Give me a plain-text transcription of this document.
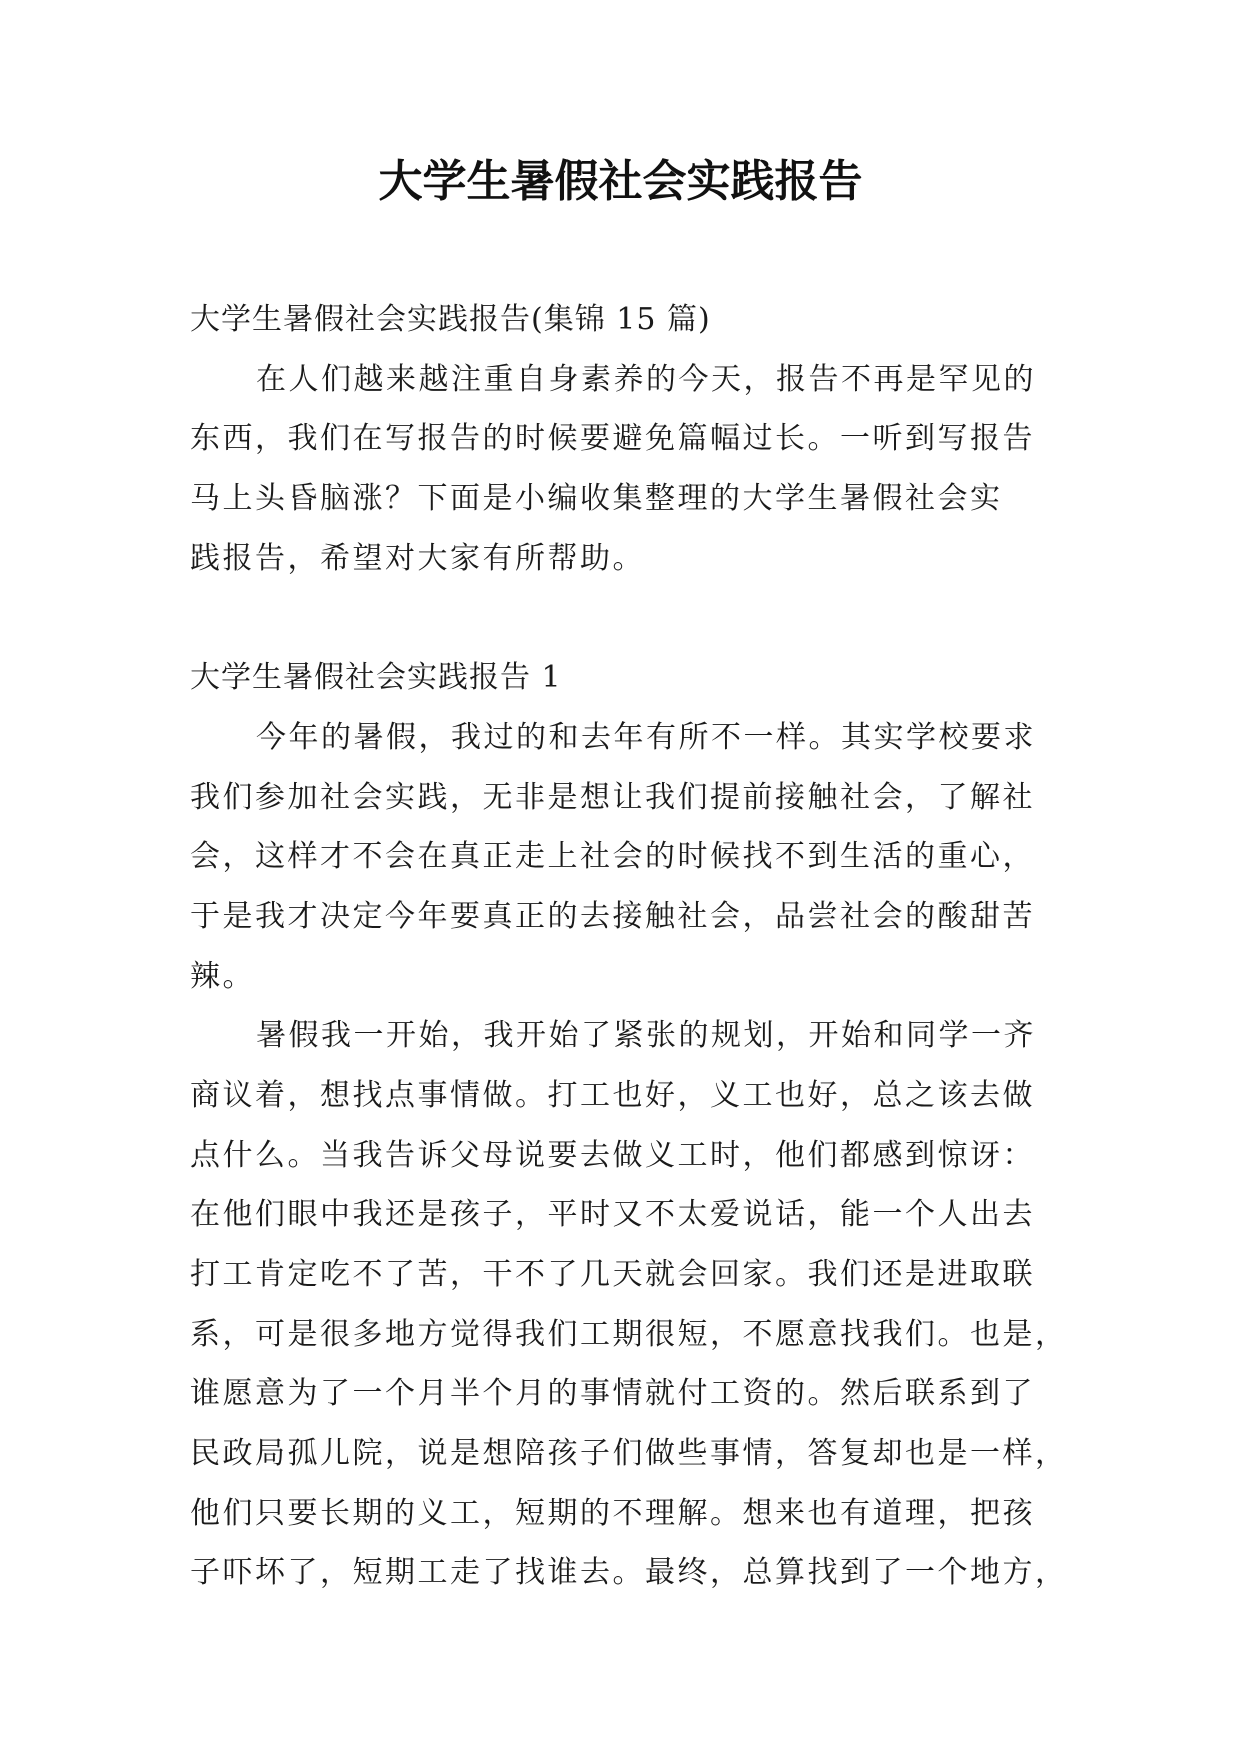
大学生暑假社会实践报告

大学生暑假社会实践报告(集锦 15 篇)

在人们越来越注重自身素养的今天，报告不再是罕见的

东西，我们在写报告的时候要避免篇幅过长。一听到写报告

马上头昏脑涨？下面是小编收集整理的大学生暑假社会实

践报告，希望对大家有所帮助。

大学生暑假社会实践报告 1

今年的暑假，我过的和去年有所不一样。其实学校要求

我们参加社会实践，无非是想让我们提前接触社会，了解社

会，这样才不会在真正走上社会的时候找不到生活的重心，

于是我才决定今年要真正的去接触社会，品尝社会的酸甜苦

辣。

暑假我一开始，我开始了紧张的规划，开始和同学一齐

商议着，想找点事情做。打工也好，义工也好，总之该去做

点什么。当我告诉父母说要去做义工时，他们都感到惊讶：

在他们眼中我还是孩子，平时又不太爱说话，能一个人出去

打工肯定吃不了苦，干不了几天就会回家。我们还是进取联

系，可是很多地方觉得我们工期很短，不愿意找我们。也是，

谁愿意为了一个月半个月的事情就付工资的。然后联系到了

民政局孤儿院，说是想陪孩子们做些事情，答复却也是一样，

他们只要长期的义工，短期的不理解。想来也有道理，把孩

子吓坏了，短期工走了找谁去。最终，总算找到了一个地方，
